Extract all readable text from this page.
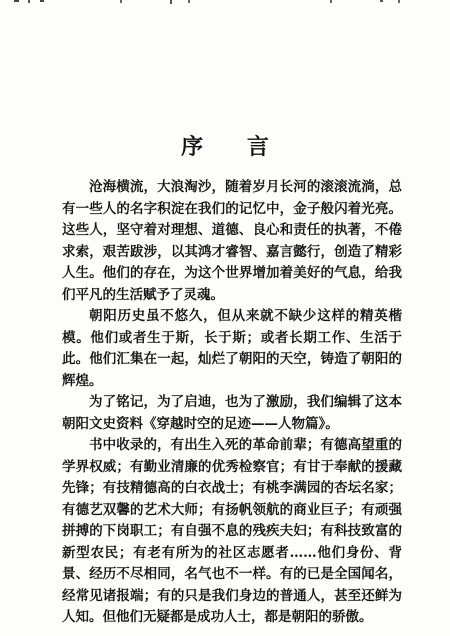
序 言

沧海横流，大浪淘沙，随着岁月长河的滚滚流淌，总有一些人的名字积淀在我们的记忆中，金子般闪着光亮。这些人，坚守着对理想、道德、良心和责任的执著，不倦求索，艰苦跋涉，以其鸿才睿智、嘉言懿行，创造了精彩人生。他们的存在，为这个世界增加着美好的气息，给我们平凡的生活赋予了灵魂。

朝阳历史虽不悠久，但从来就不缺少这样的精英楷模。他们或者生于斯，长于斯；或者长期工作、生活于此。他们汇集在一起，灿烂了朝阳的天空，铸造了朝阳的辉煌。

为了铭记，为了启迪，也为了激励，我们编辑了这本朝阳文史资料《穿越时空的足迹——人物篇》。

书中收录的，有出生入死的革命前辈；有德高望重的学界权威；有勤业清廉的优秀检察官；有甘于奉献的援藏先锋；有技精德高的白衣战士；有桃李满园的杏坛名家；有德艺双馨的艺术大师；有扬帆领航的商业巨子；有顽强拼搏的下岗职工；有自强不息的残疾夫妇；有科技致富的新型农民；有老有所为的社区志愿者……他们身份、背景、经历不尽相同，名气也不一样。有的已是全国闻名，经常见诸报端；有的只是我们身边的普通人，甚至还鲜为人知。但他们无疑都是成功人士，都是朝阳的骄傲。
